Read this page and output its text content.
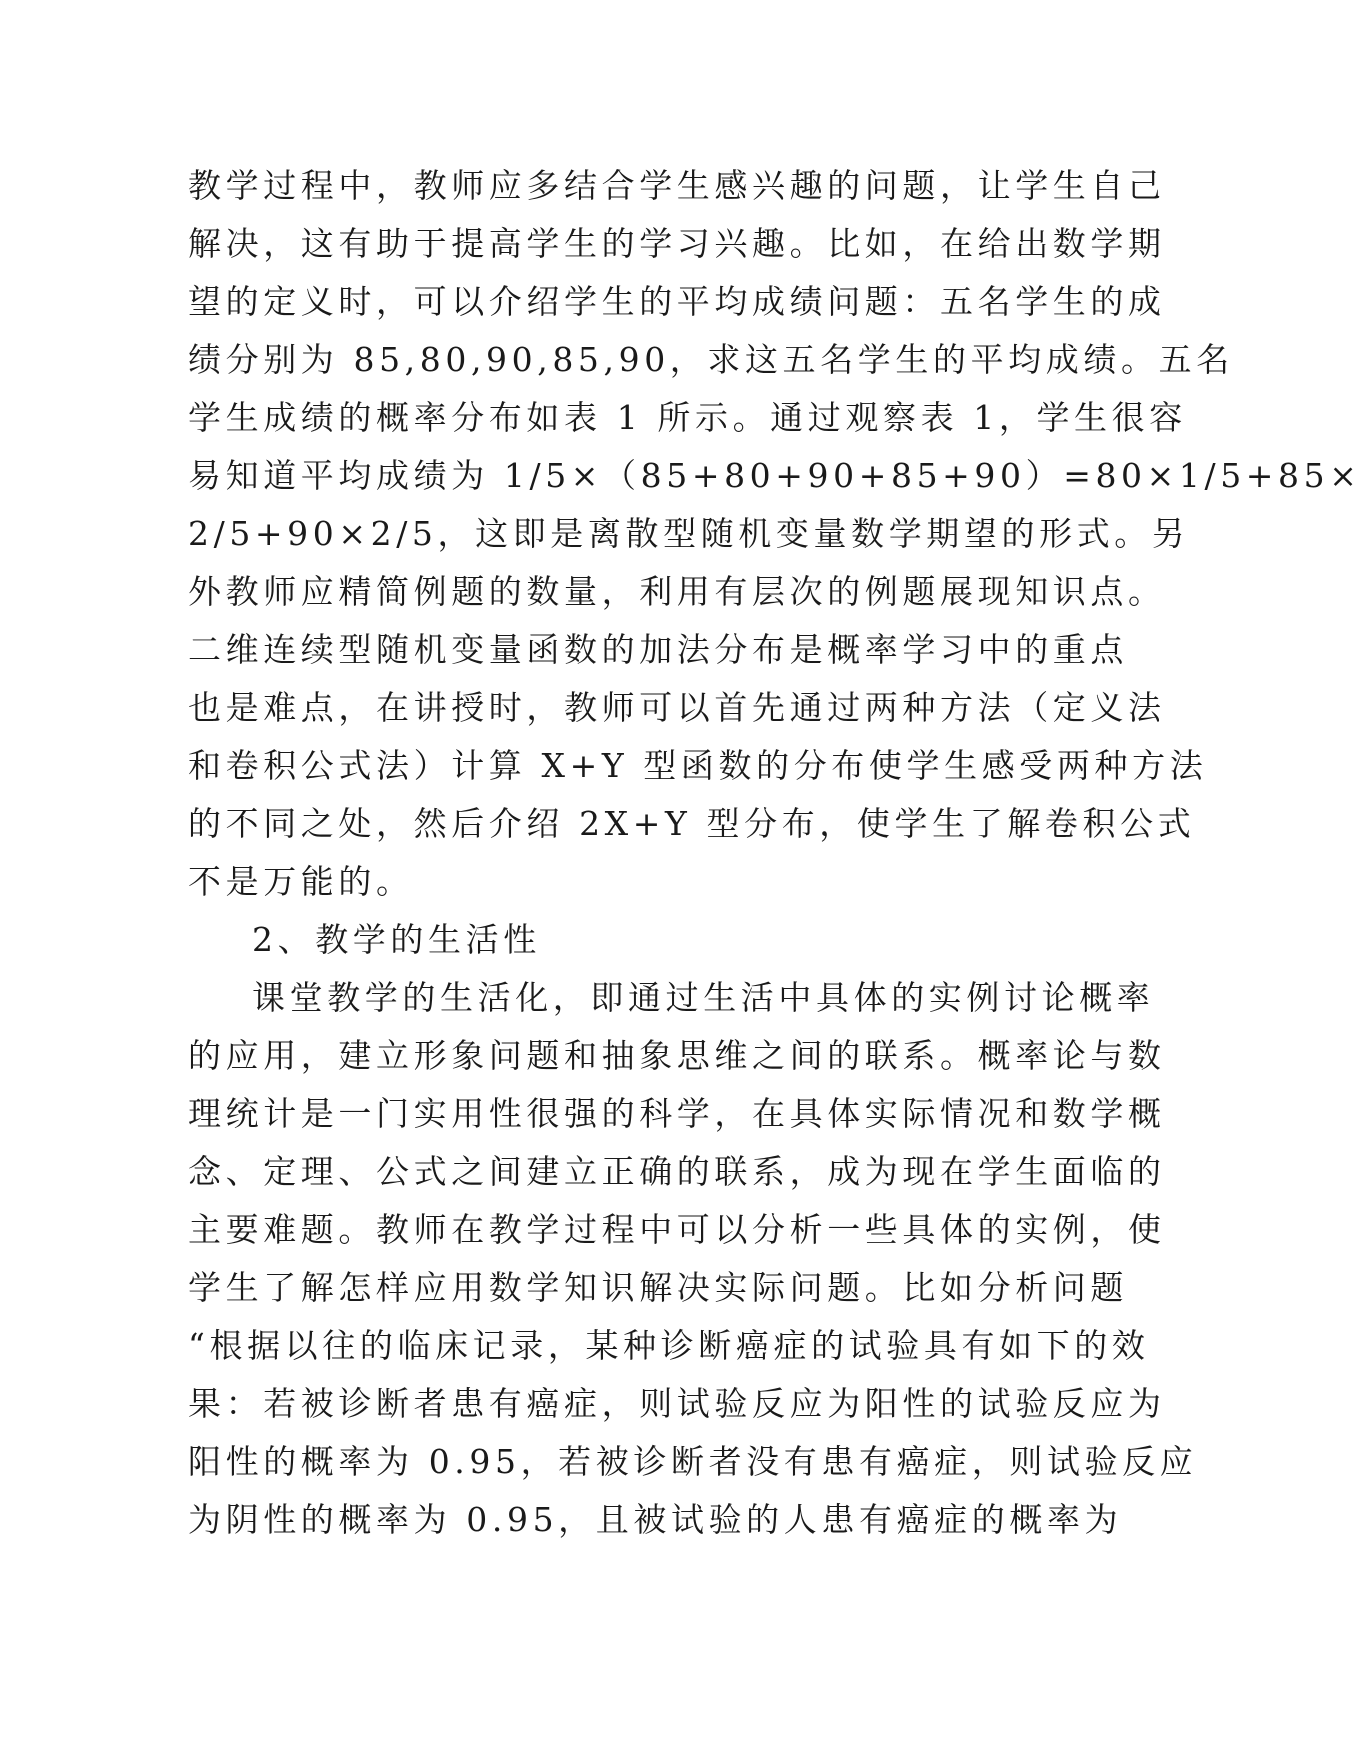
教学过程中，教师应多结合学生感兴趣的问题，让学生自己
解决，这有助于提高学生的学习兴趣。比如，在给出数学期
望的定义时，可以介绍学生的平均成绩问题：五名学生的成
绩分别为 85,80,90,85,90，求这五名学生的平均成绩。五名
学生成绩的概率分布如表 1 所示。通过观察表 1，学生很容
易知道平均成绩为 1/5×（85+80+90+85+90）=80×1/5+85×
2/5+90×2/5，这即是离散型随机变量数学期望的形式。另
外教师应精简例题的数量，利用有层次的例题展现知识点。
二维连续型随机变量函数的加法分布是概率学习中的重点
也是难点，在讲授时，教师可以首先通过两种方法（定义法
和卷积公式法）计算 X+Y 型函数的分布使学生感受两种方法
的不同之处，然后介绍 2X+Y 型分布，使学生了解卷积公式
不是万能的。
2、教学的生活性
课堂教学的生活化，即通过生活中具体的实例讨论概率
的应用，建立形象问题和抽象思维之间的联系。概率论与数
理统计是一门实用性很强的科学，在具体实际情况和数学概
念、定理、公式之间建立正确的联系，成为现在学生面临的
主要难题。教师在教学过程中可以分析一些具体的实例，使
学生了解怎样应用数学知识解决实际问题。比如分析问题
“根据以往的临床记录，某种诊断癌症的试验具有如下的效
果：若被诊断者患有癌症，则试验反应为阳性的试验反应为
阳性的概率为 0.95，若被诊断者没有患有癌症，则试验反应
为阴性的概率为 0.95，且被试验的人患有癌症的概率为
